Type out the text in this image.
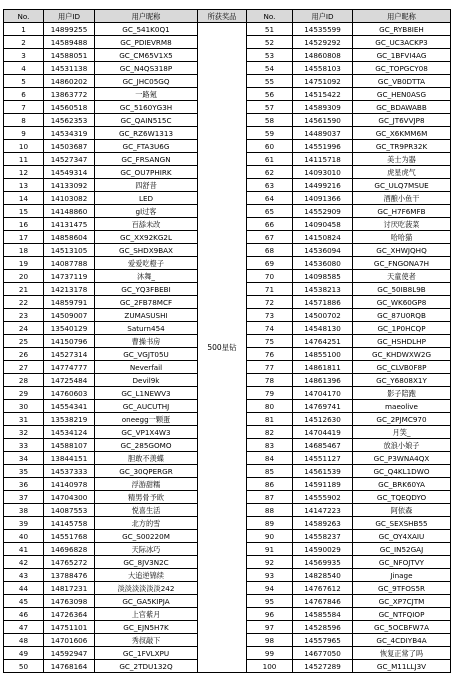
No.	用户ID	用户昵称	所获奖品	No.	用户ID	用户昵称
1	14899255	GC_541K0Q1	500星钻	51	14535599	GC_RYB8IEH
2	14589488	GC_PDIEVRM8		52	14529292	GC_UC3ACKP3
3	14588051	GC_CM65V1X5		53	14860808	GC_1BFVI4AG
4	14531138	GC_N4QS318P		54	14558103	GC_TOPGCY08
5	14860202	GC_JHC05GQ		55	14751092	GC_VB0DTTA
6	13863772	一路氪		56	14515422	GC_HEN0ASG
7	14560518	GC_5160YG3H		57	14589309	GC_BDAWABB
8	14562353	GC_QAIN515C		58	14561590	GC_JT6VVJP8
9	14534319	GC_RZ6W1313		59	14489037	GC_X6KMM6M
10	14503687	GC_FTA3U6G		60	14551996	GC_TR9PR32K
11	14527347	GC_FRSANGN		61	14115718	美士为器
12	14549314	GC_OU7PHIRK		62	14093010	虎星虎气
13	14133092	四舒昔		63	14499216	GC_ULQ7MSUE
14	14103082	LED		64	14091366	酒酿小鱼干
15	14148860	gl过客		65	14552909	GC_H7F6MFB
16	14131475	百舔未改		66	14090458	讨厌吃菠菜
17	14858604	GC_XX92KG2L		67	14150824	哈哈猫
18	14513105	GC_SHDX9BAX		68	14536094	GC_XHWJQHQ
19	14087788	爱爱吃橙子		69	14536080	GC_FNGONA7H
20	14737119	沐舞_		70	14098585	天童使者
21	14213178	GC_YQ3FBEBI		71	14538213	GC_50IB8L9B
22	14859791	GC_2FB78MCF		72	14571886	GC_WK60GP8
23	14509007	ZUMASUSHI		73	14500702	GC_87U0RQB
24	13540129	Saturn454		74	14548130	GC_1P0HCQP
25	14150796	曹操书房		75	14764251	GC_HSHDLHP
26	14527314	GC_VGJT05U		76	14855100	GC_KHDWXW2G
27	14774777	Neverfail		77	14861811	GC_CLVB0F8P
28	14725484	Devil9k		78	14861396	GC_Y6808X1Y
29	14760603	GC_L1NEWV3		79	14704170	影子陪跑
30	14554341	GC_AUCUTHJ		80	14769741	maeolive
31	13538219	oneegg一颗蛋		81	14512630	GC_2PJMC970
32	14534124	GC_VP1X4W3		82	14704419	月笑_
33	14588107	GC_285GOMO		83	14685467	放浪小娘子
34	13844151	胆敢不羡蝶		84	14551127	GC_P3WNA4QX
35	14537333	GC_30QPERGR		85	14561539	GC_Q4KL1DWO
36	14140978	浮游甜糯		86	14591189	GC_BRK60YA
37	14704300	精男骨予欧		87	14555902	GC_TQEQDYO
38	14087553	悦喜生活		88	14147223	阿依森
39	14145758	北方的雪		89	14589263	GC_SEXSHB55
40	14551768	GC_S00220M		90	14558237	GC_OY4XAIU
41	14696828	天际冰巧		91	14590029	GC_IN52GAJ
42	14765272	GC_8JV3N2C		92	14569935	GC_NFOJTVY
43	13788476	大追逆锦续		93	14828540	Jinage
44	14817231	淡淡淡淡淡淡242		94	14767612	GC_9TFOS5R
45	14763098	GC_GA5KIPJA		95	14767846	GC_XP7CJTM
46	14726364	上官紫月		96	14585584	GC_NTFQIOP
47	14751101	GC_EJN5H7K		97	14528596	GC_5OCBFW7A
48	14701606	秀叔敲下		98	14557965	GC_4CDIYB4A
49	14592947	GC_1FVLXPU		99	14677050	恢复正常了吗
50	14768164	GC_2TDU132Q		100	14527289	GC_M11LLJ3V
